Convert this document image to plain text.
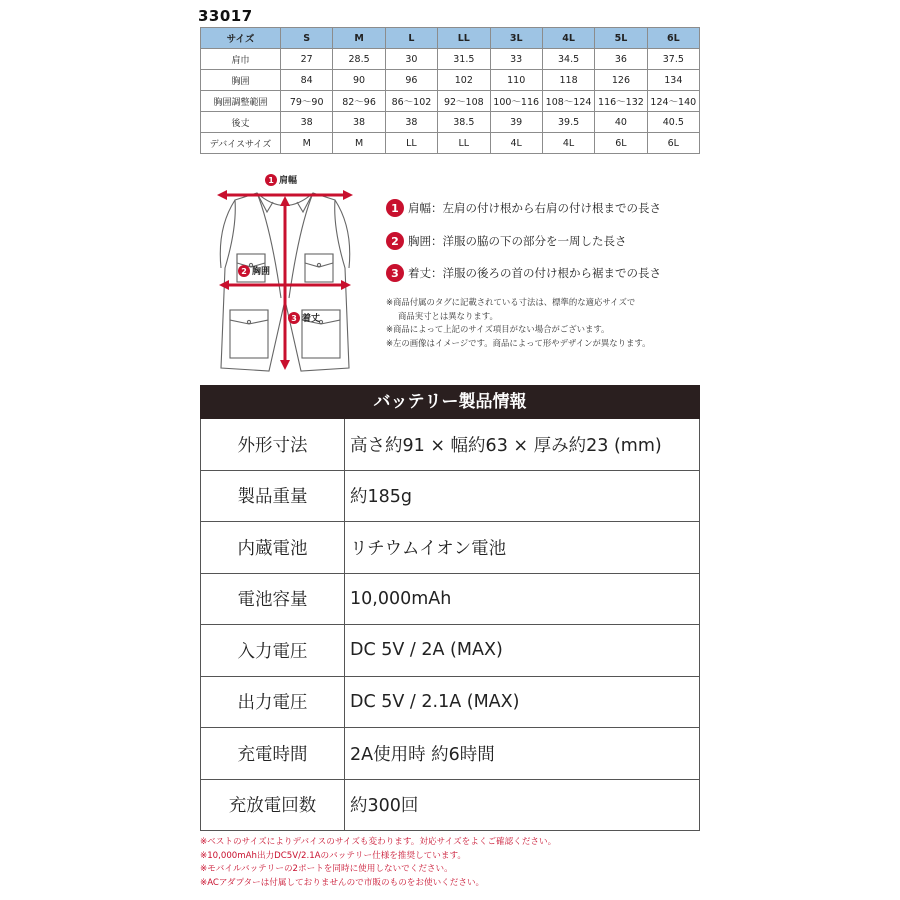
33017
サイズ	S	M	L	LL	3L	4L	5L	6L
肩巾	27	28.5	30	31.5	33	34.5	36	37.5
胸囲	84	90	96	102	110	118	126	134
胸囲調整範囲	79〜90	82〜96	86〜102	92〜108	100〜116	108〜124	116〜132	124〜140
後丈	38	38	38	38.5	39	39.5	40	40.5
デバイスサイズ	M	M	LL	LL	4L	4L	6L	6L
1 肩幅
2 胸囲
3 着丈
1 肩幅：左肩の付け根から右肩の付け根までの長さ
2 胸囲：洋服の脇の下の部分を一周した長さ
3 着丈：洋服の後ろの首の付け根から裾までの長さ
※商品付属のタグに記載されている寸法は、標準的な適応サイズで
商品実寸とは異なります。
※商品によって上記のサイズ項目がない場合がございます。
※左の画像はイメージです。商品によって形やデザインが異なります。
バッテリー製品情報
外形寸法	高さ約91 × 幅約63 × 厚み約23 (mm)
製品重量	約185g
内蔵電池	リチウムイオン電池
電池容量	10,000mAh
入力電圧	DC 5V / 2A (MAX)
出力電圧	DC 5V / 2.1A (MAX)
充電時間	2A使用時 約6時間
充放電回数	約300回
※ベストのサイズによりデバイスのサイズも変わります。対応サイズをよくご確認ください。
※10,000mAh出力DC5V/2.1Aのバッテリー仕様を推奨しています。
※モバイルバッテリーの2ポートを同時に使用しないでください。
※ACアダプターは付属しておりませんので市販のものをお使いください。
